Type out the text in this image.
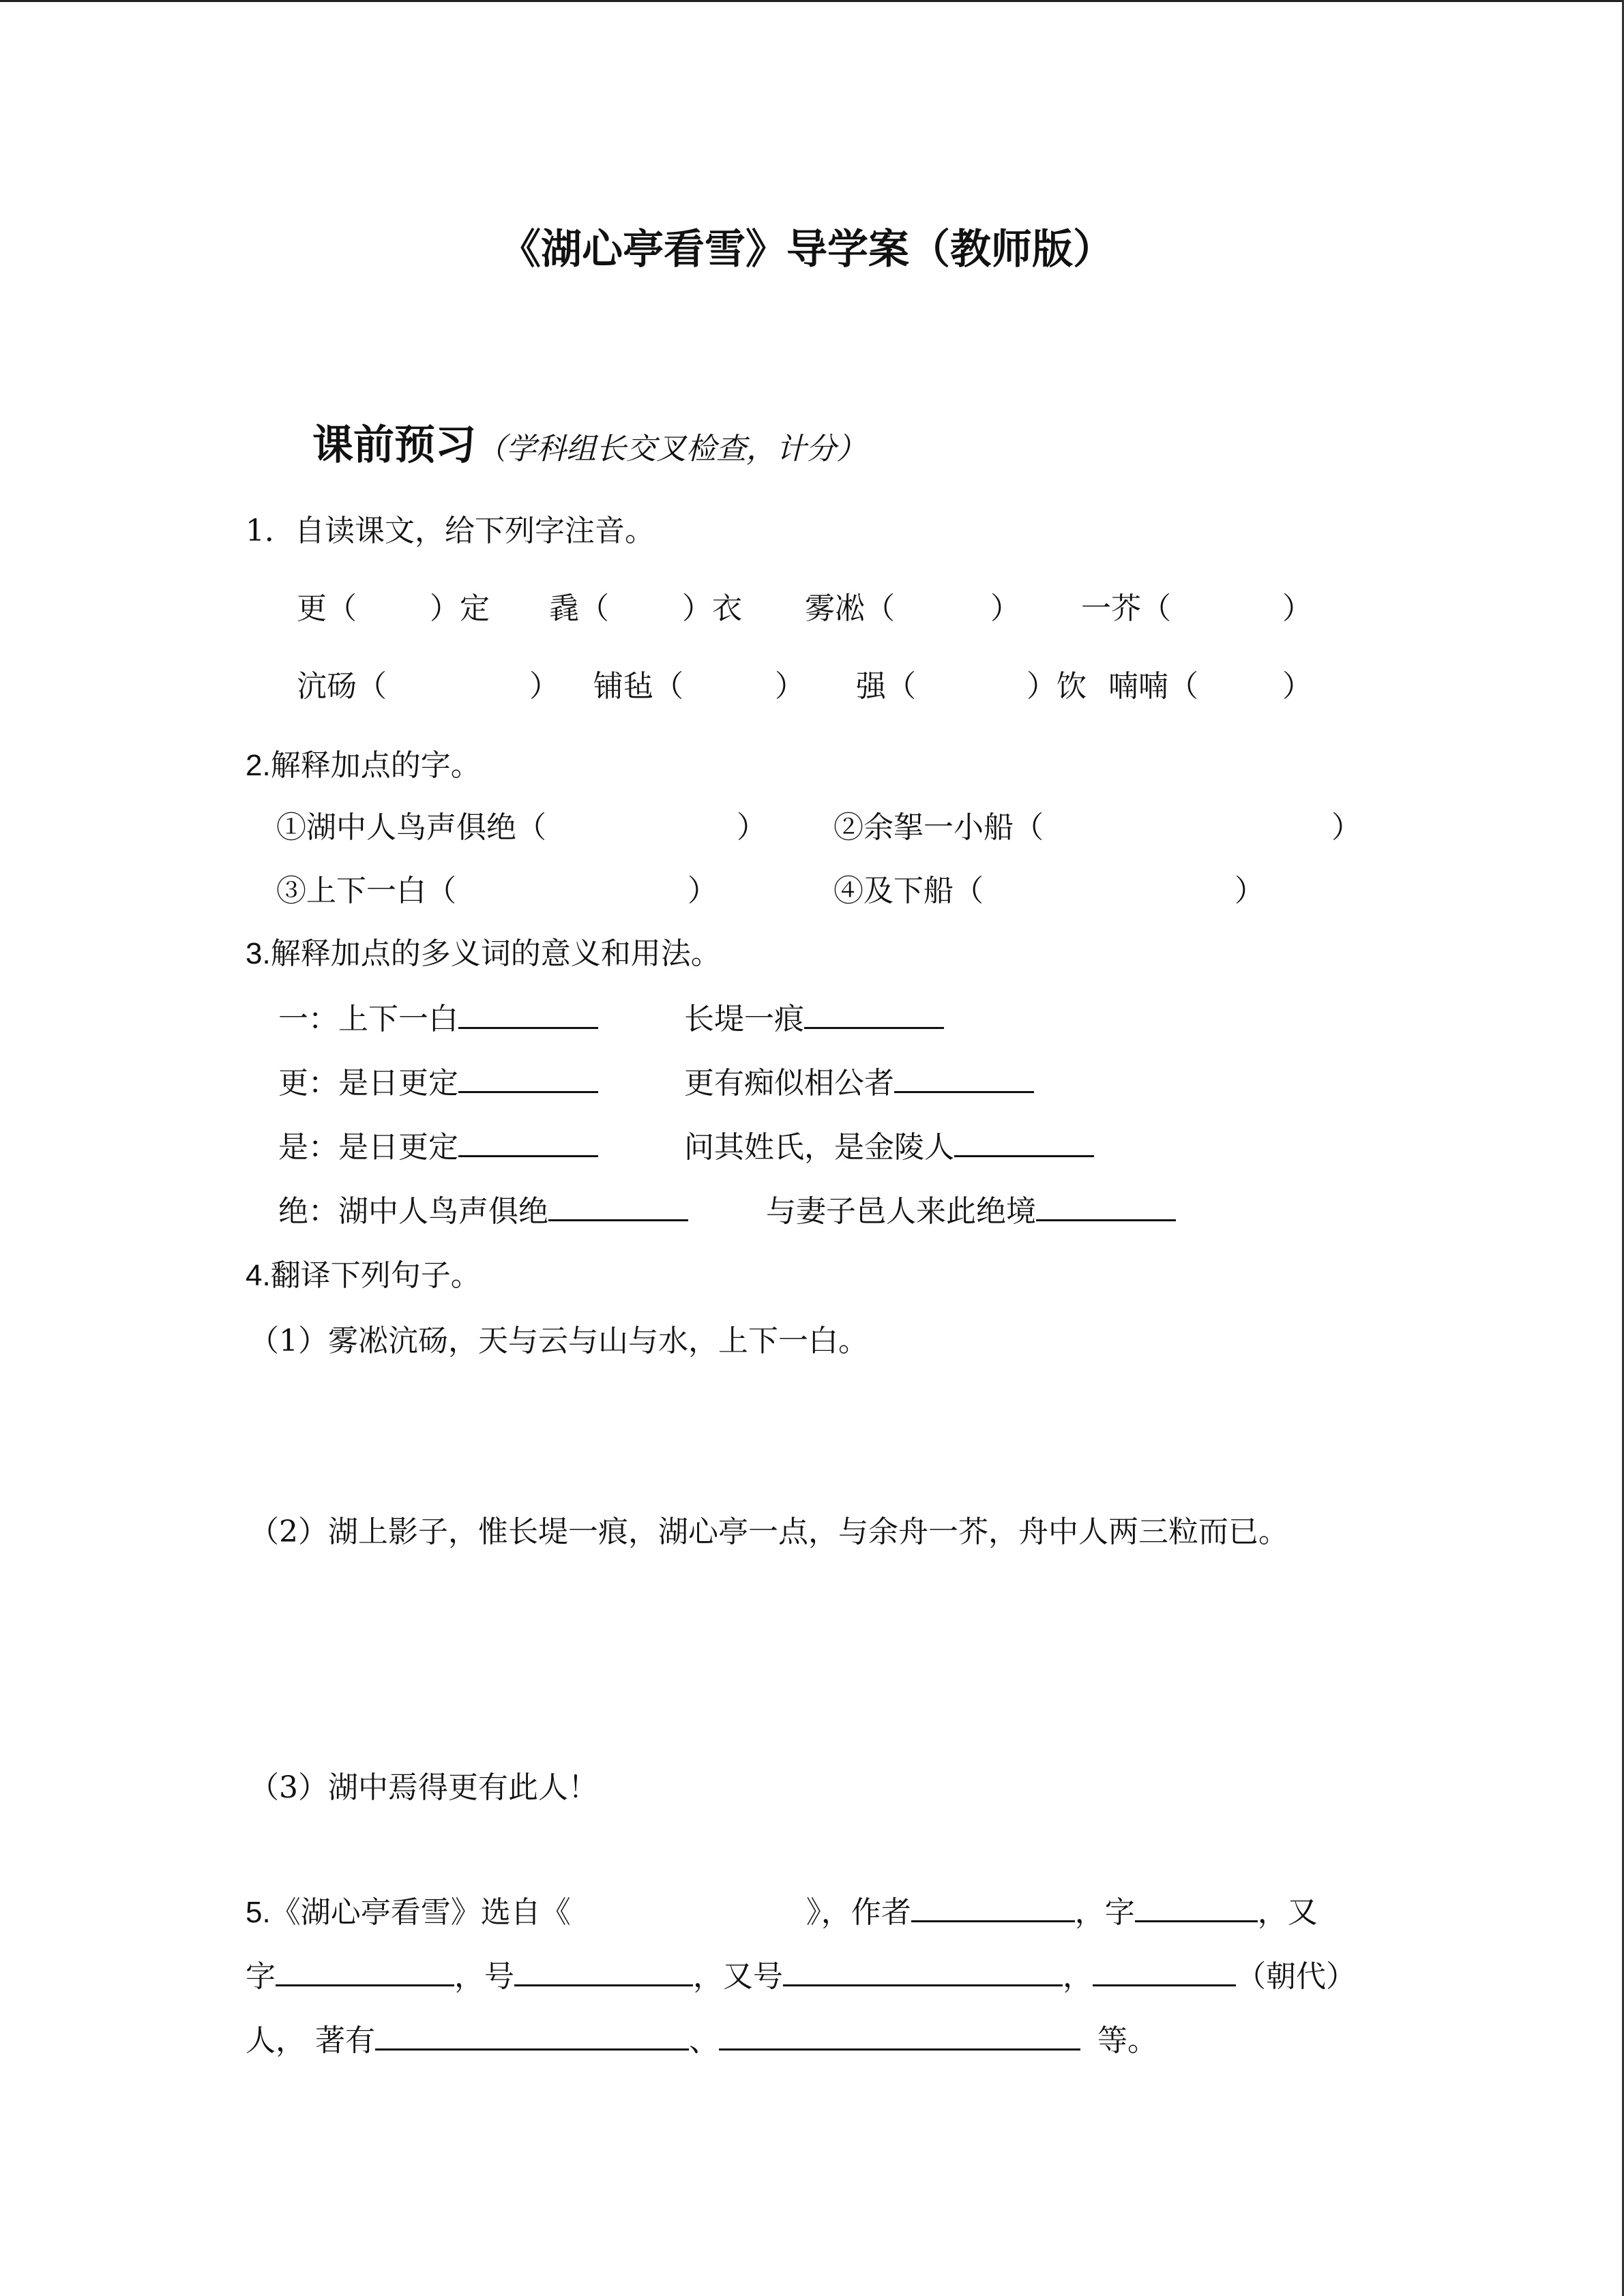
《湖心亭看雪》导学案（教师版）
课前预习（学科组长交叉检查，计分）
1．自读课文，给下列字注音。
更（ ）定 毳（ ）衣 雾凇（	） 一芥（	）
沆砀（	） 铺毡（	） 强（	）饮 喃喃（	）
2.解释加点的字。
①湖中人鸟声俱绝（	） ②余挐一小船（	）
③上下一白（	）	④及下船（	）
3.解释加点的多义词的意义和用法。
一：上下一白	长堤一痕
更：是日更定	更有痴似相公者
是：是日更定	问其姓氏，是金陵人
绝：湖中人鸟声俱绝	与妻子邑人来此绝境
4.翻译下列句子。
（1）雾凇沆砀，天与云与山与水，上下一白。
（2）湖上影子，惟长堤一痕，湖心亭一点，与余舟一芥，舟中人两三粒而已。
（3）湖中焉得更有此人！
5.《湖心亭看雪》选自《	》，作者	，字	，又
字	，号	，又号	，	（朝代）
人， 著有	、	等。
